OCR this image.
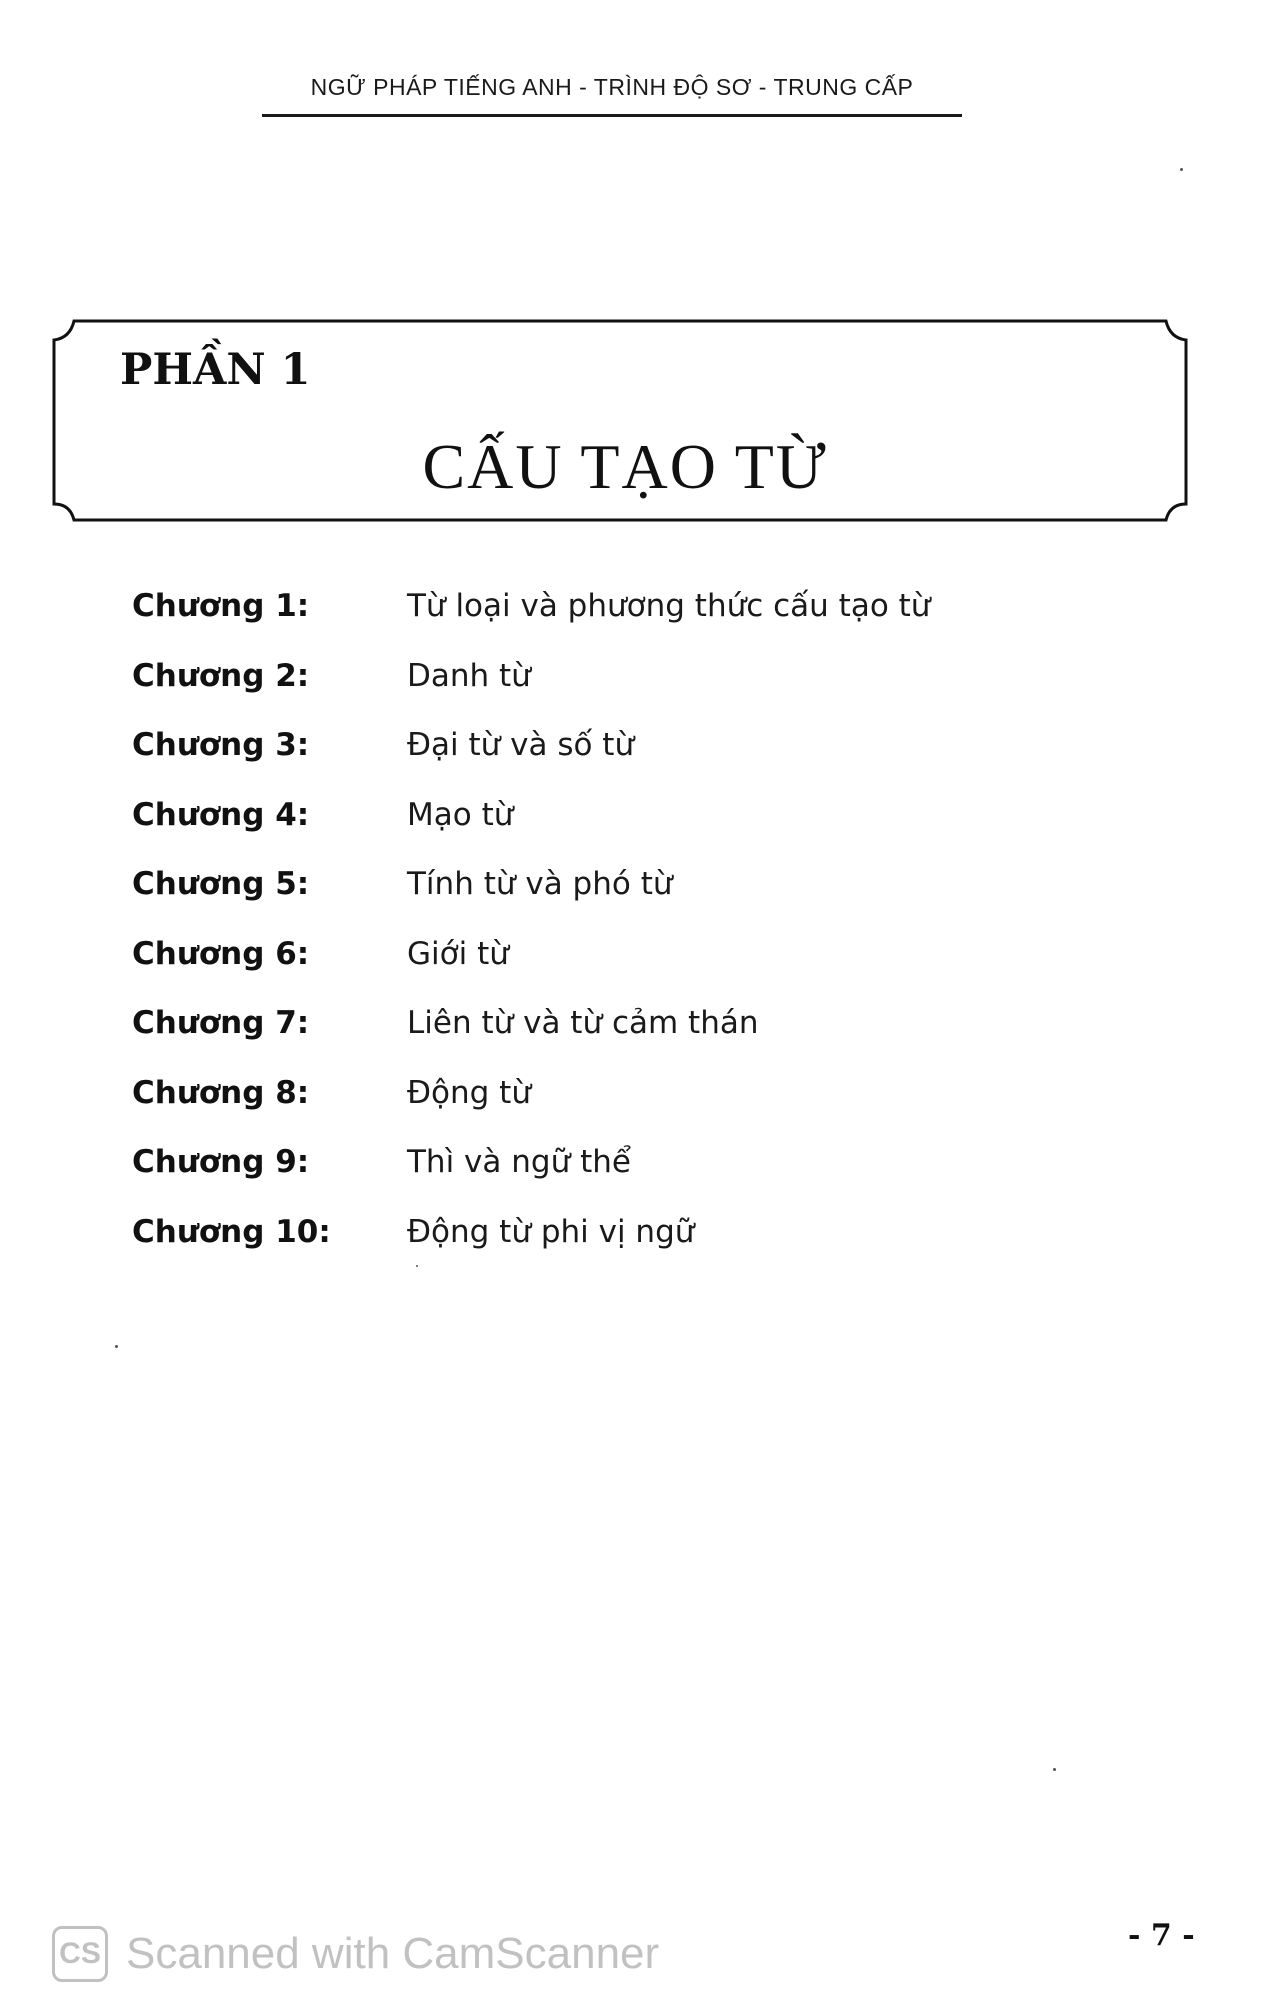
NGỮ PHÁP TIẾNG ANH - TRÌNH ĐỘ SƠ - TRUNG CẤP
PHẦN 1
CẤU TẠO TỪ
Chương 1:	Từ loại và phương thức cấu tạo từ
Chương 2:	Danh từ
Chương 3:	Đại từ và số từ
Chương 4:	Mạo từ
Chương 5:	Tính từ và phó từ
Chương 6:	Giới từ
Chương 7:	Liên từ và từ cảm thán
Chương 8:	Động từ
Chương 9:	Thì và ngữ thể
Chương 10:	Động từ phi vị ngữ
CS Scanned with CamScanner	- 7 -
